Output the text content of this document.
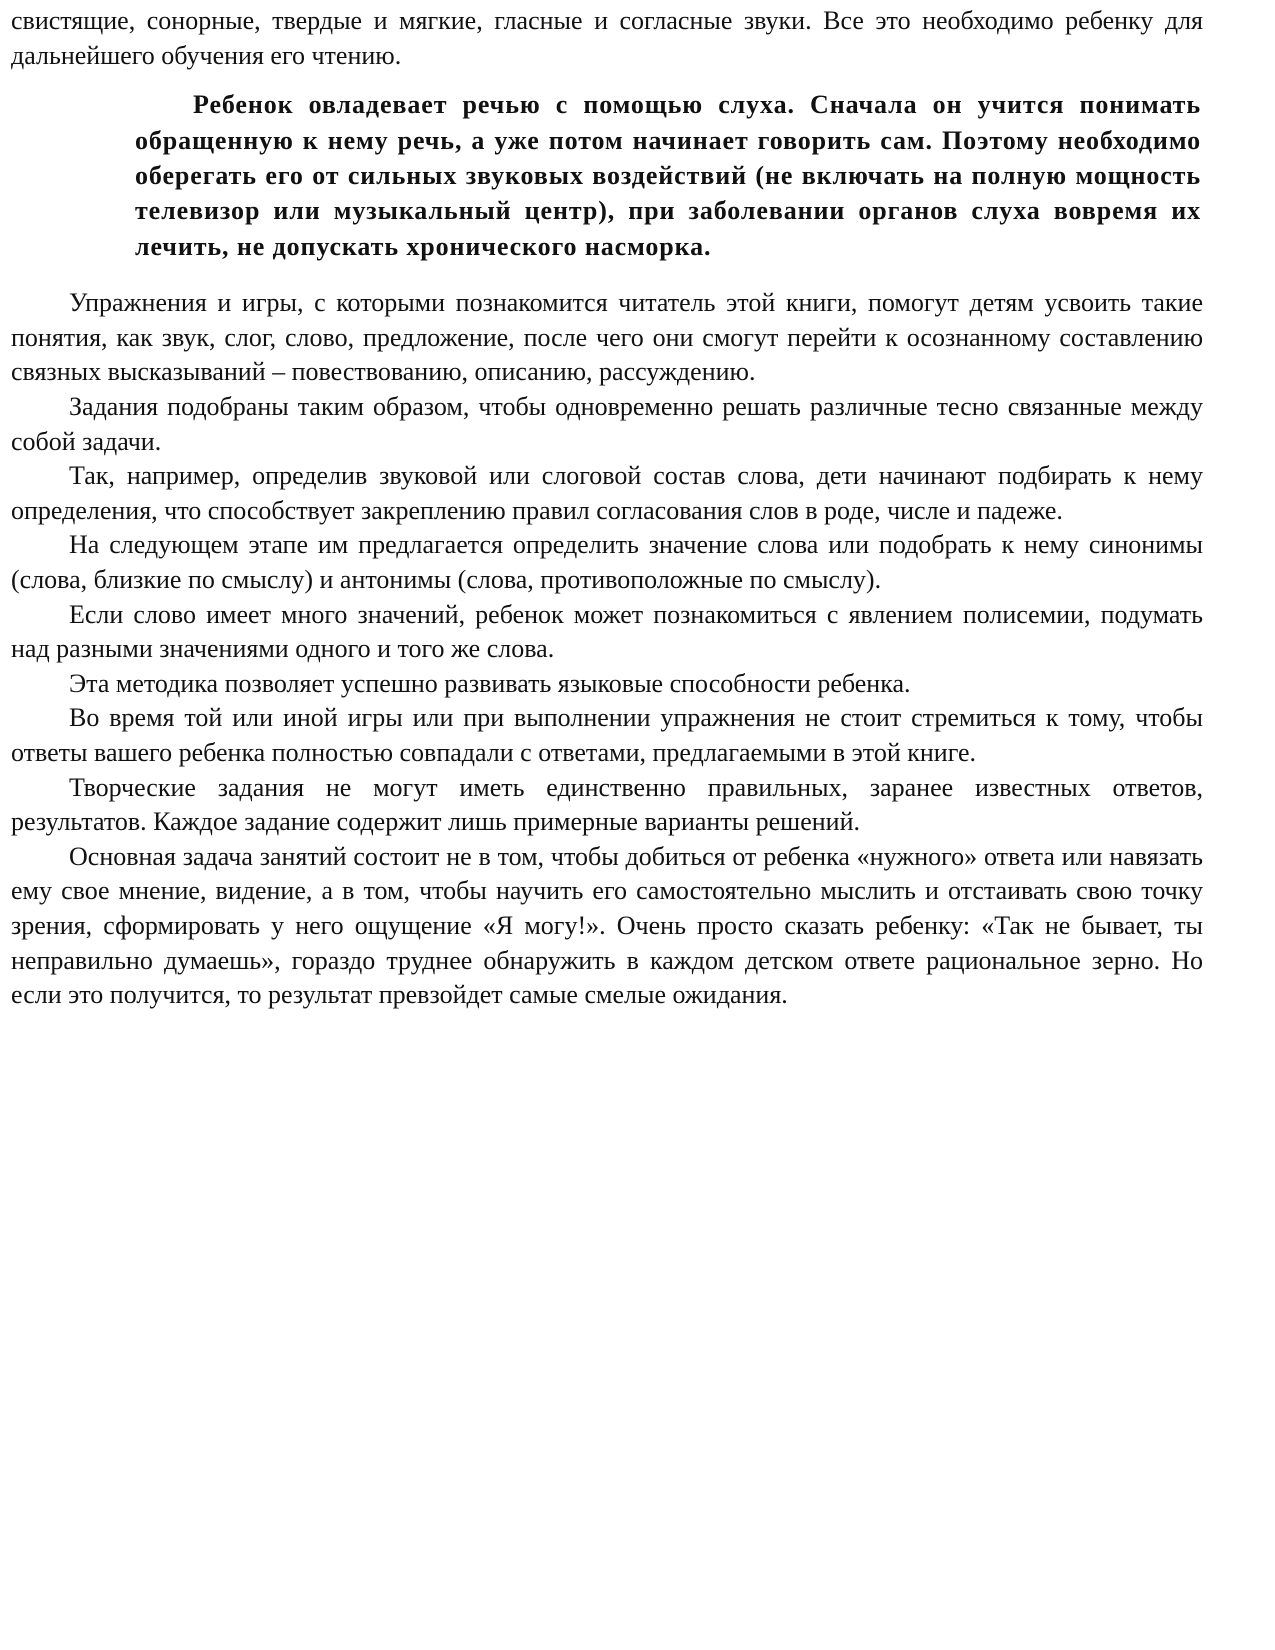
свистящие, сонорные, твердые и мягкие, гласные и согласные звуки. Все это необходимо ребенку для дальнейшего обучения его чтению.

Ребенок овладевает речью с помощью слуха. Сначала он учится понимать обращенную к нему речь, а уже потом начинает говорить сам. Поэтому необходимо оберегать его от сильных звуковых воздействий (не включать на полную мощность телевизор или музыкальный центр), при заболевании органов слуха вовремя их лечить, не допускать хронического насморка.

Упражнения и игры, с которыми познакомится читатель этой книги, помогут детям усвоить такие понятия, как звук, слог, слово, предложение, после чего они смогут перейти к осознанному составлению связных высказываний – повествованию, описанию, рассуждению.

Задания подобраны таким образом, чтобы одновременно решать различные тесно связанные между собой задачи.

Так, например, определив звуковой или слоговой состав слова, дети начинают подбирать к нему определения, что способствует закреплению правил согласования слов в роде, числе и падеже.

На следующем этапе им предлагается определить значение слова или подобрать к нему синонимы (слова, близкие по смыслу) и антонимы (слова, противоположные по смыслу).

Если слово имеет много значений, ребенок может познакомиться с явлением полисемии, подумать над разными значениями одного и того же слова.

Эта методика позволяет успешно развивать языковые способности ребенка.

Во время той или иной игры или при выполнении упражнения не стоит стремиться к тому, чтобы ответы вашего ребенка полностью совпадали с ответами, предлагаемыми в этой книге.

Творческие задания не могут иметь единственно правильных, заранее известных ответов, результатов. Каждое задание содержит лишь примерные варианты решений.

Основная задача занятий состоит не в том, чтобы добиться от ребенка «нужного» ответа или навязать ему свое мнение, видение, а в том, чтобы научить его самостоятельно мыслить и отстаивать свою точку зрения, сформировать у него ощущение «Я могу!». Очень просто сказать ребенку: «Так не бывает, ты неправильно думаешь», гораздо труднее обнаружить в каждом детском ответе рациональное зерно. Но если это получится, то результат превзойдет самые смелые ожидания.
